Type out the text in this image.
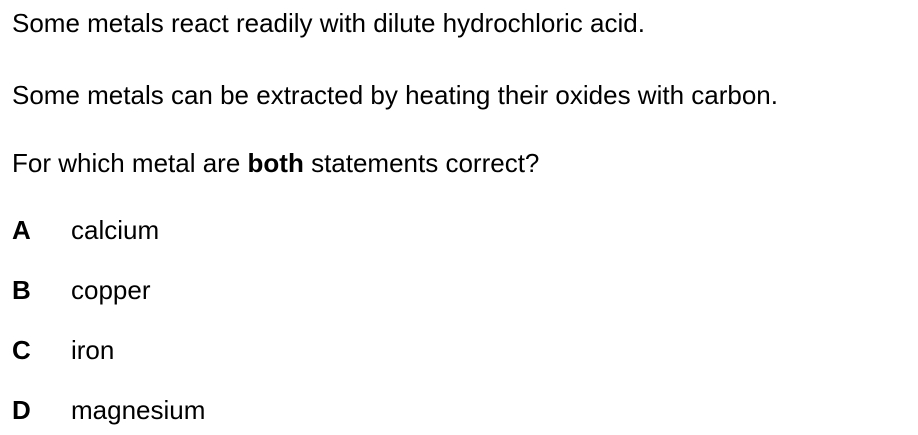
Some metals react readily with dilute hydrochloric acid.
Some metals can be extracted by heating their oxides with carbon.
For which metal are both statements correct?
A calcium
B copper
C iron
D magnesium
